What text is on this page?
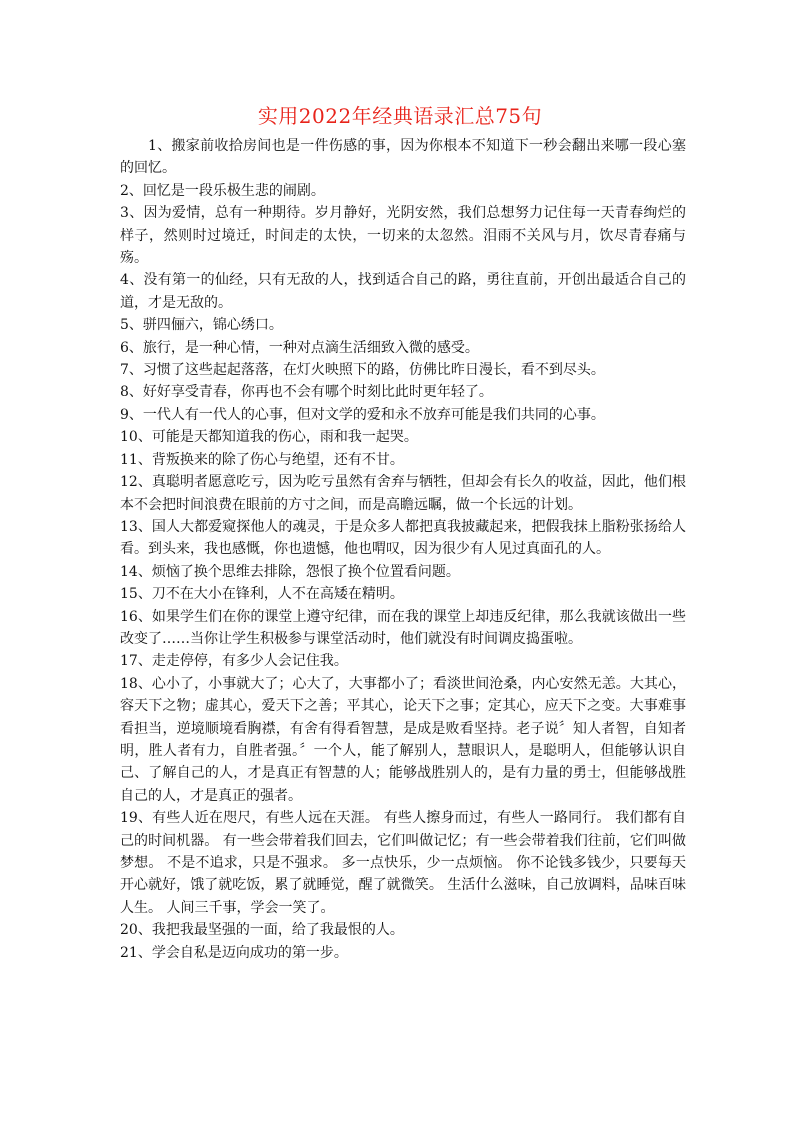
实用2022年经典语录汇总75句

1、搬家前收拾房间也是一件伤感的事，因为你根本不知道下一秒会翻出来哪一段心塞的回忆。

2、回忆是一段乐极生悲的闹剧。

3、因为爱情，总有一种期待。岁月静好，光阴安然，我们总想努力记住每一天青春绚烂的样子，然则时过境迁，时间走的太快，一切来的太忽然。泪雨不关风与月，饮尽青春痛与殇。

4、没有第一的仙经，只有无敌的人，找到适合自己的路，勇往直前，开创出最适合自己的道，才是无敌的。

5、骈四俪六，锦心绣口。

6、旅行，是一种心情，一种对点滴生活细致入微的感受。

7、习惯了这些起起落落，在灯火映照下的路，仿佛比昨日漫长，看不到尽头。

8、好好享受青春，你再也不会有哪个时刻比此时更年轻了。

9、一代人有一代人的心事，但对文学的爱和永不放弃可能是我们共同的心事。

10、可能是天都知道我的伤心，雨和我一起哭。

11、背叛换来的除了伤心与绝望，还有不甘。

12、真聪明者愿意吃亏，因为吃亏虽然有舍弃与牺牲，但却会有长久的收益，因此，他们根本不会把时间浪费在眼前的方寸之间，而是高瞻远瞩，做一个长远的计划。

13、国人大都爱窥探他人的魂灵，于是众多人都把真我披藏起来，把假我抹上脂粉张扬给人看。到头来，我也感慨，你也遗憾，他也喟叹，因为很少有人见过真面孔的人。

14、烦恼了换个思维去排除，怨恨了换个位置看问题。

15、刀不在大小在锋利，人不在高矮在精明。

16、如果学生们在你的课堂上遵守纪律，而在我的课堂上却违反纪律，那么我就该做出一些改变了……当你让学生积极参与课堂活动时，他们就没有时间调皮捣蛋啦。

17、走走停停，有多少人会记住我。

18、心小了，小事就大了；心大了，大事都小了；看淡世间沧桑，内心安然无恙。大其心，容天下之物；虚其心，爱天下之善；平其心，论天下之事；定其心，应天下之变。大事难事看担当，逆境顺境看胸襟，有舍有得看智慧，是成是败看坚持。老子说〞知人者智，自知者明，胜人者有力，自胜者强。〞一个人，能了解别人，慧眼识人，是聪明人，但能够认识自己、了解自己的人，才是真正有智慧的人；能够战胜别人的，是有力量的勇士，但能够战胜自己的人，才是真正的强者。

19、有些人近在咫尺，有些人远在天涯。 有些人擦身而过，有些人一路同行。 我们都有自己的时间机器。 有一些会带着我们回去，它们叫做记忆；有一些会带着我们往前，它们叫做梦想。 不是不追求，只是不强求。 多一点快乐，少一点烦恼。 你不论钱多钱少，只要每天开心就好，饿了就吃饭，累了就睡觉，醒了就微笑。 生活什么滋味，自己放调料，品味百味人生。 人间三千事，学会一笑了。

20、我把我最坚强的一面，给了我最恨的人。

21、学会自私是迈向成功的第一步。
